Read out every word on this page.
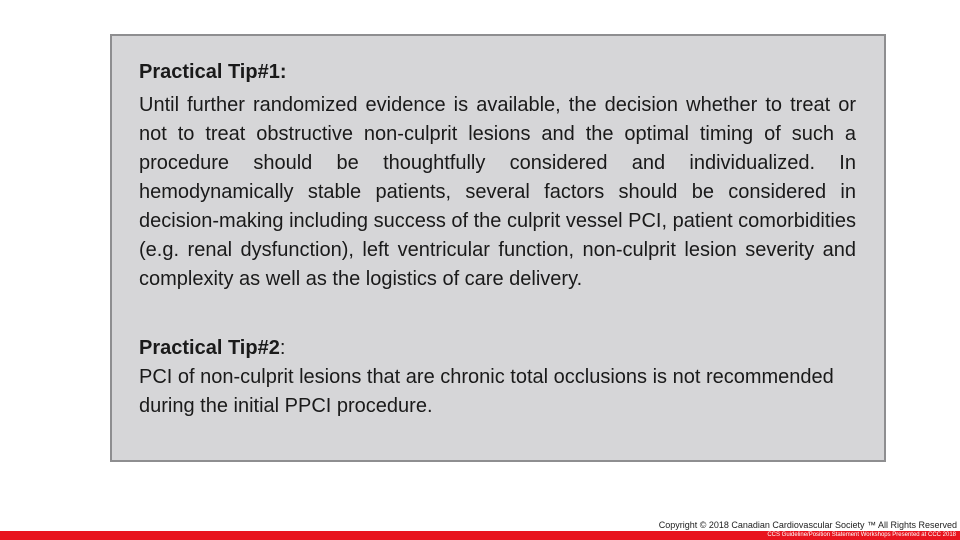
Practical Tip#1:

Until further randomized evidence is available, the decision whether to treat or not to treat obstructive non-culprit lesions and the optimal timing of such a procedure should be thoughtfully considered and individualized. In hemodynamically stable patients, several factors should be considered in decision-making including success of the culprit vessel PCI, patient comorbidities (e.g. renal dysfunction), left ventricular function, non-culprit lesion severity and complexity as well as the logistics of care delivery.

Practical Tip#2:

PCI of non-culprit lesions that are chronic total occlusions is not recommended during the initial PPCI procedure.

Copyright © 2018 Canadian Cardiovascular Society ™ All Rights Reserved
CCS Guideline/Position Statement Workshops Presented at CCC 2018
